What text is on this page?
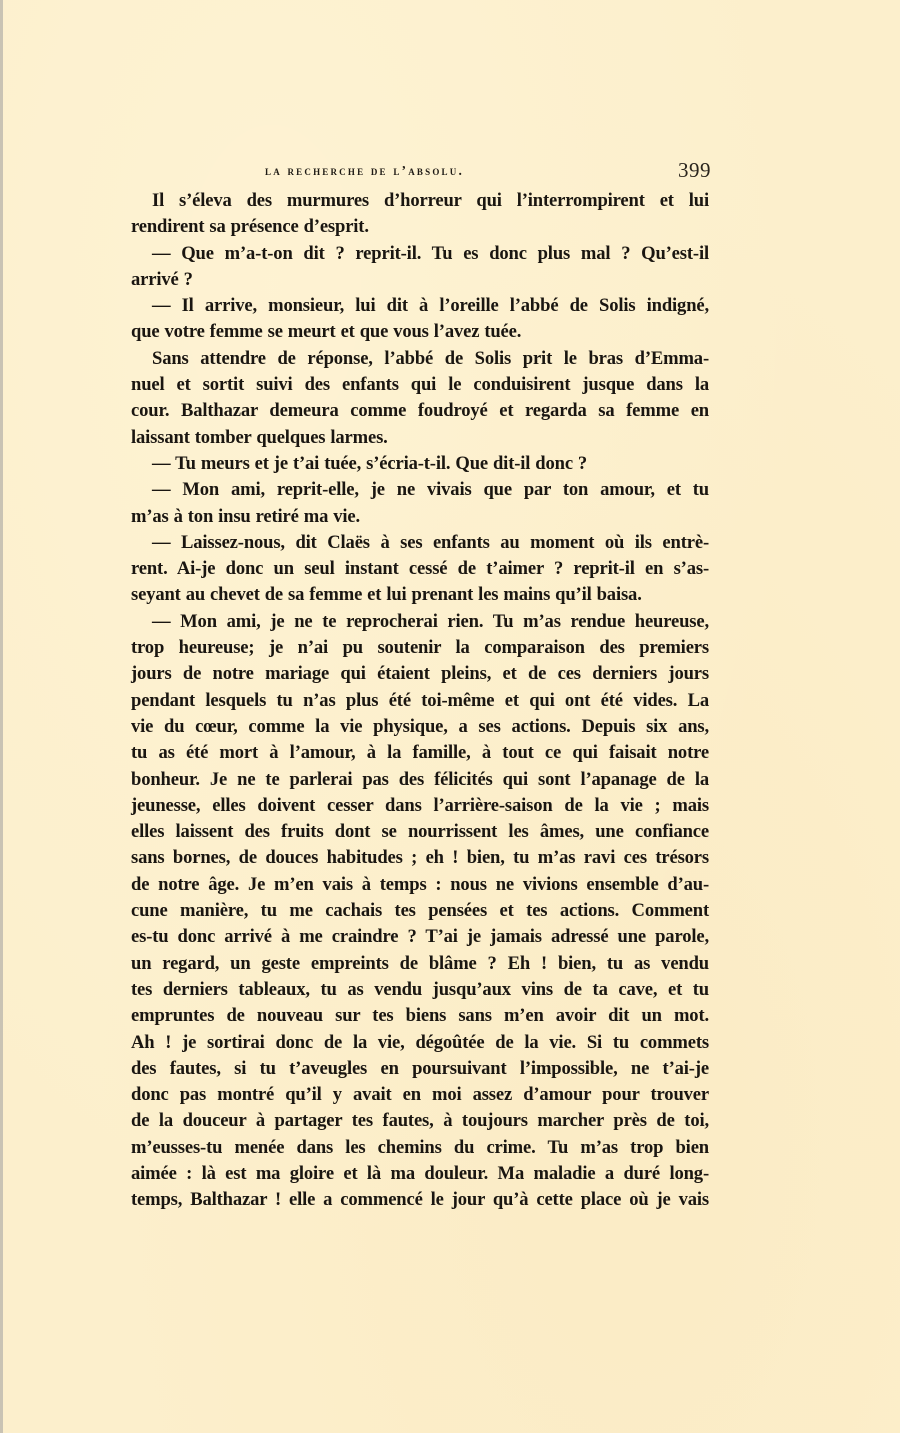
la recherche de l’absolu.	399

Il s’éleva des murmures d’horreur qui l’interrompirent et lui
rendirent sa présence d’esprit.

— Que m’a-t-on dit ? reprit-il. Tu es donc plus mal ? Qu’est-il
arrivé ?

— Il arrive, monsieur, lui dit à l’oreille l’abbé de Solis indigné,
que votre femme se meurt et que vous l’avez tuée.

Sans attendre de réponse, l’abbé de Solis prit le bras d’Emma-
nuel et sortit suivi des enfants qui le conduisirent jusque dans la
cour. Balthazar demeura comme foudroyé et regarda sa femme en
laissant tomber quelques larmes.

— Tu meurs et je t’ai tuée, s’écria-t-il. Que dit-il donc ?

— Mon ami, reprit-elle, je ne vivais que par ton amour, et tu
m’as à ton insu retiré ma vie.

— Laissez-nous, dit Claës à ses enfants au moment où ils entrè-
rent. Ai-je donc un seul instant cessé de t’aimer ? reprit-il en s’as-
seyant au chevet de sa femme et lui prenant les mains qu’il baisa.

— Mon ami, je ne te reprocherai rien. Tu m’as rendue heureuse,
trop heureuse; je n’ai pu soutenir la comparaison des premiers
jours de notre mariage qui étaient pleins, et de ces derniers jours
pendant lesquels tu n’as plus été toi-même et qui ont été vides. La
vie du cœur, comme la vie physique, a ses actions. Depuis six ans,
tu as été mort à l’amour, à la famille, à tout ce qui faisait notre
bonheur. Je ne te parlerai pas des félicités qui sont l’apanage de la
jeunesse, elles doivent cesser dans l’arrière-saison de la vie ; mais
elles laissent des fruits dont se nourrissent les âmes, une confiance
sans bornes, de douces habitudes ; eh ! bien, tu m’as ravi ces trésors
de notre âge. Je m’en vais à temps : nous ne vivions ensemble d’au-
cune manière, tu me cachais tes pensées et tes actions. Comment
es-tu donc arrivé à me craindre ? T’ai je jamais adressé une parole,
un regard, un geste empreints de blâme ? Eh ! bien, tu as vendu
tes derniers tableaux, tu as vendu jusqu’aux vins de ta cave, et tu
empruntes de nouveau sur tes biens sans m’en avoir dit un mot.
Ah ! je sortirai donc de la vie, dégoûtée de la vie. Si tu commets
des fautes, si tu t’aveugles en poursuivant l’impossible, ne t’ai-je
donc pas montré qu’il y avait en moi assez d’amour pour trouver
de la douceur à partager tes fautes, à toujours marcher près de toi,
m’eusses-tu menée dans les chemins du crime. Tu m’as trop bien
aimée : là est ma gloire et là ma douleur. Ma maladie a duré long-
temps, Balthazar ! elle a commencé le jour qu’à cette place où je vais
